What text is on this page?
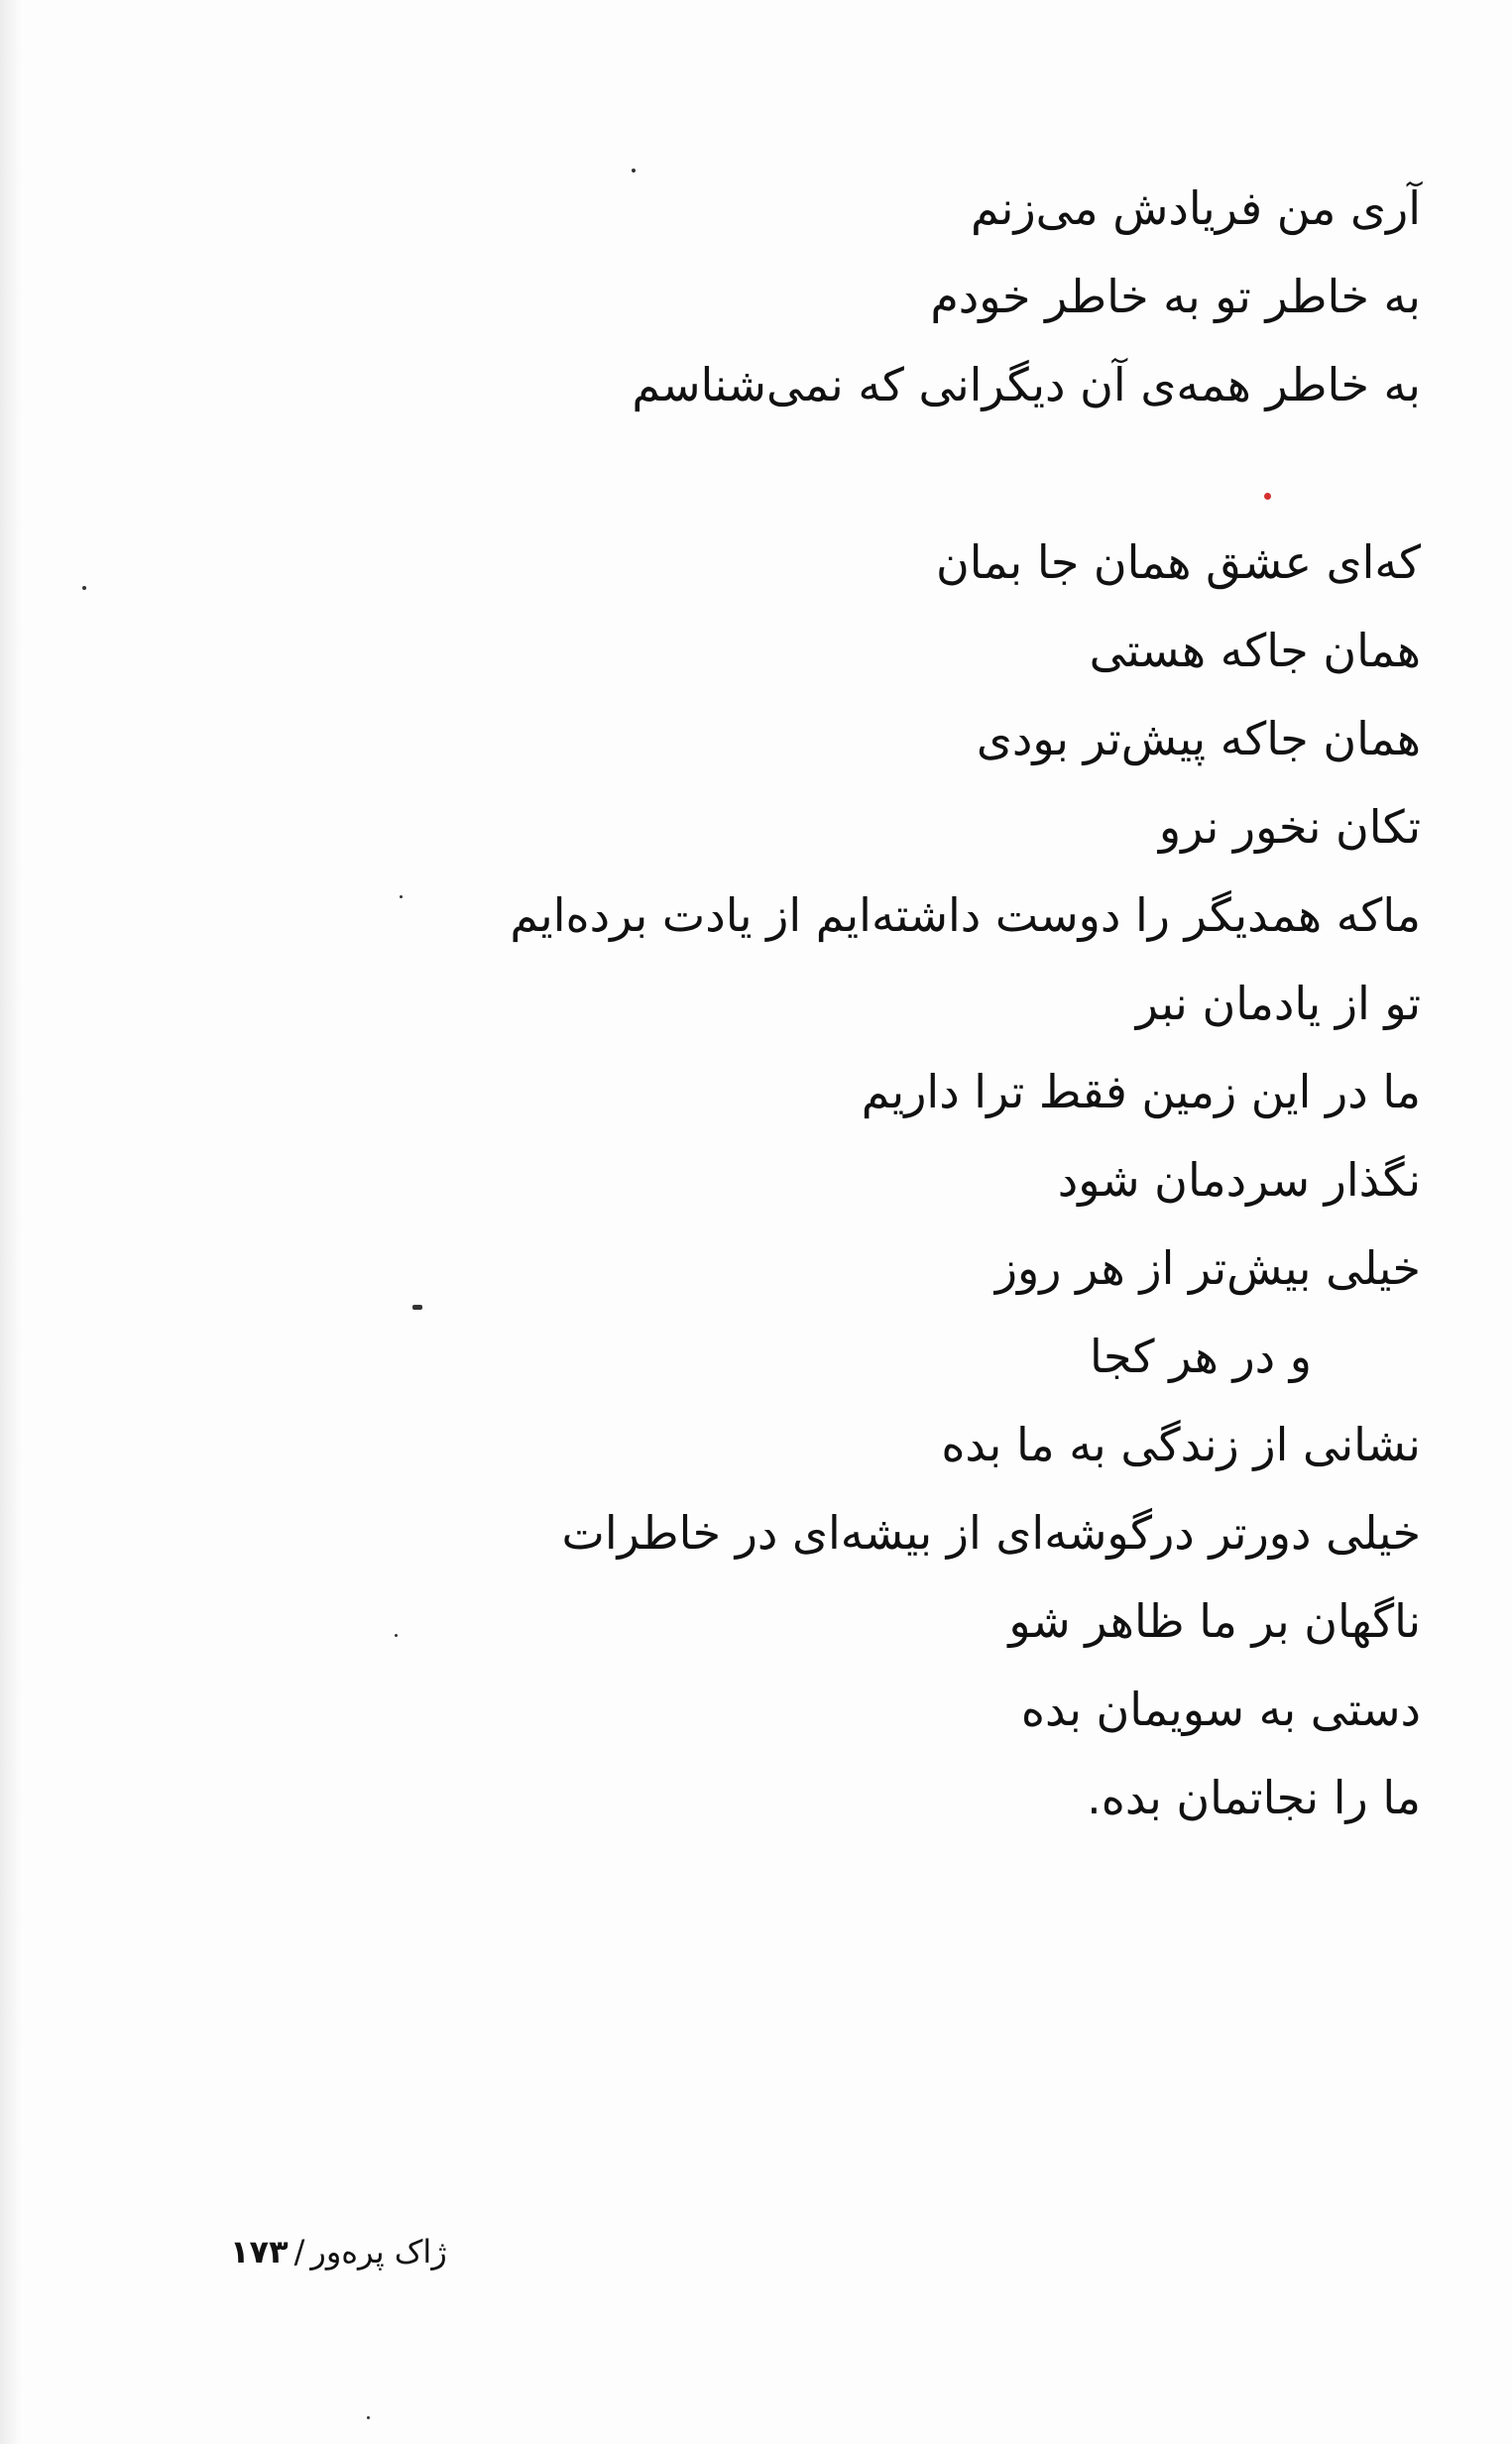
آری من فریادش می‌زنم
به خاطر تو به خاطر خودم
به خاطر همه‌ی آن دیگرانی که نمی‌شناسم
که‌ای عشق همان جا بمان
همان جاکه هستی
همان جاکه پیش‌تر بودی
تکان نخور نرو
ماکه همدیگر را دوست داشته‌ایم از یادت برده‌ایم
تو از یادمان نبر
ما در این زمین فقط ترا داریم
نگذار سردمان شود
خیلی بیش‌تر از هر روز
و در هر کجا
نشانی از زندگی به ما بده
خیلی دورتر درگوشه‌ای از بیشه‌ای در خاطرات
ناگهان بر ما ظاهر شو
دستی به سویمان بده
ما را نجاتمان بده.
ژاک پره‌ور/۱۷۳
